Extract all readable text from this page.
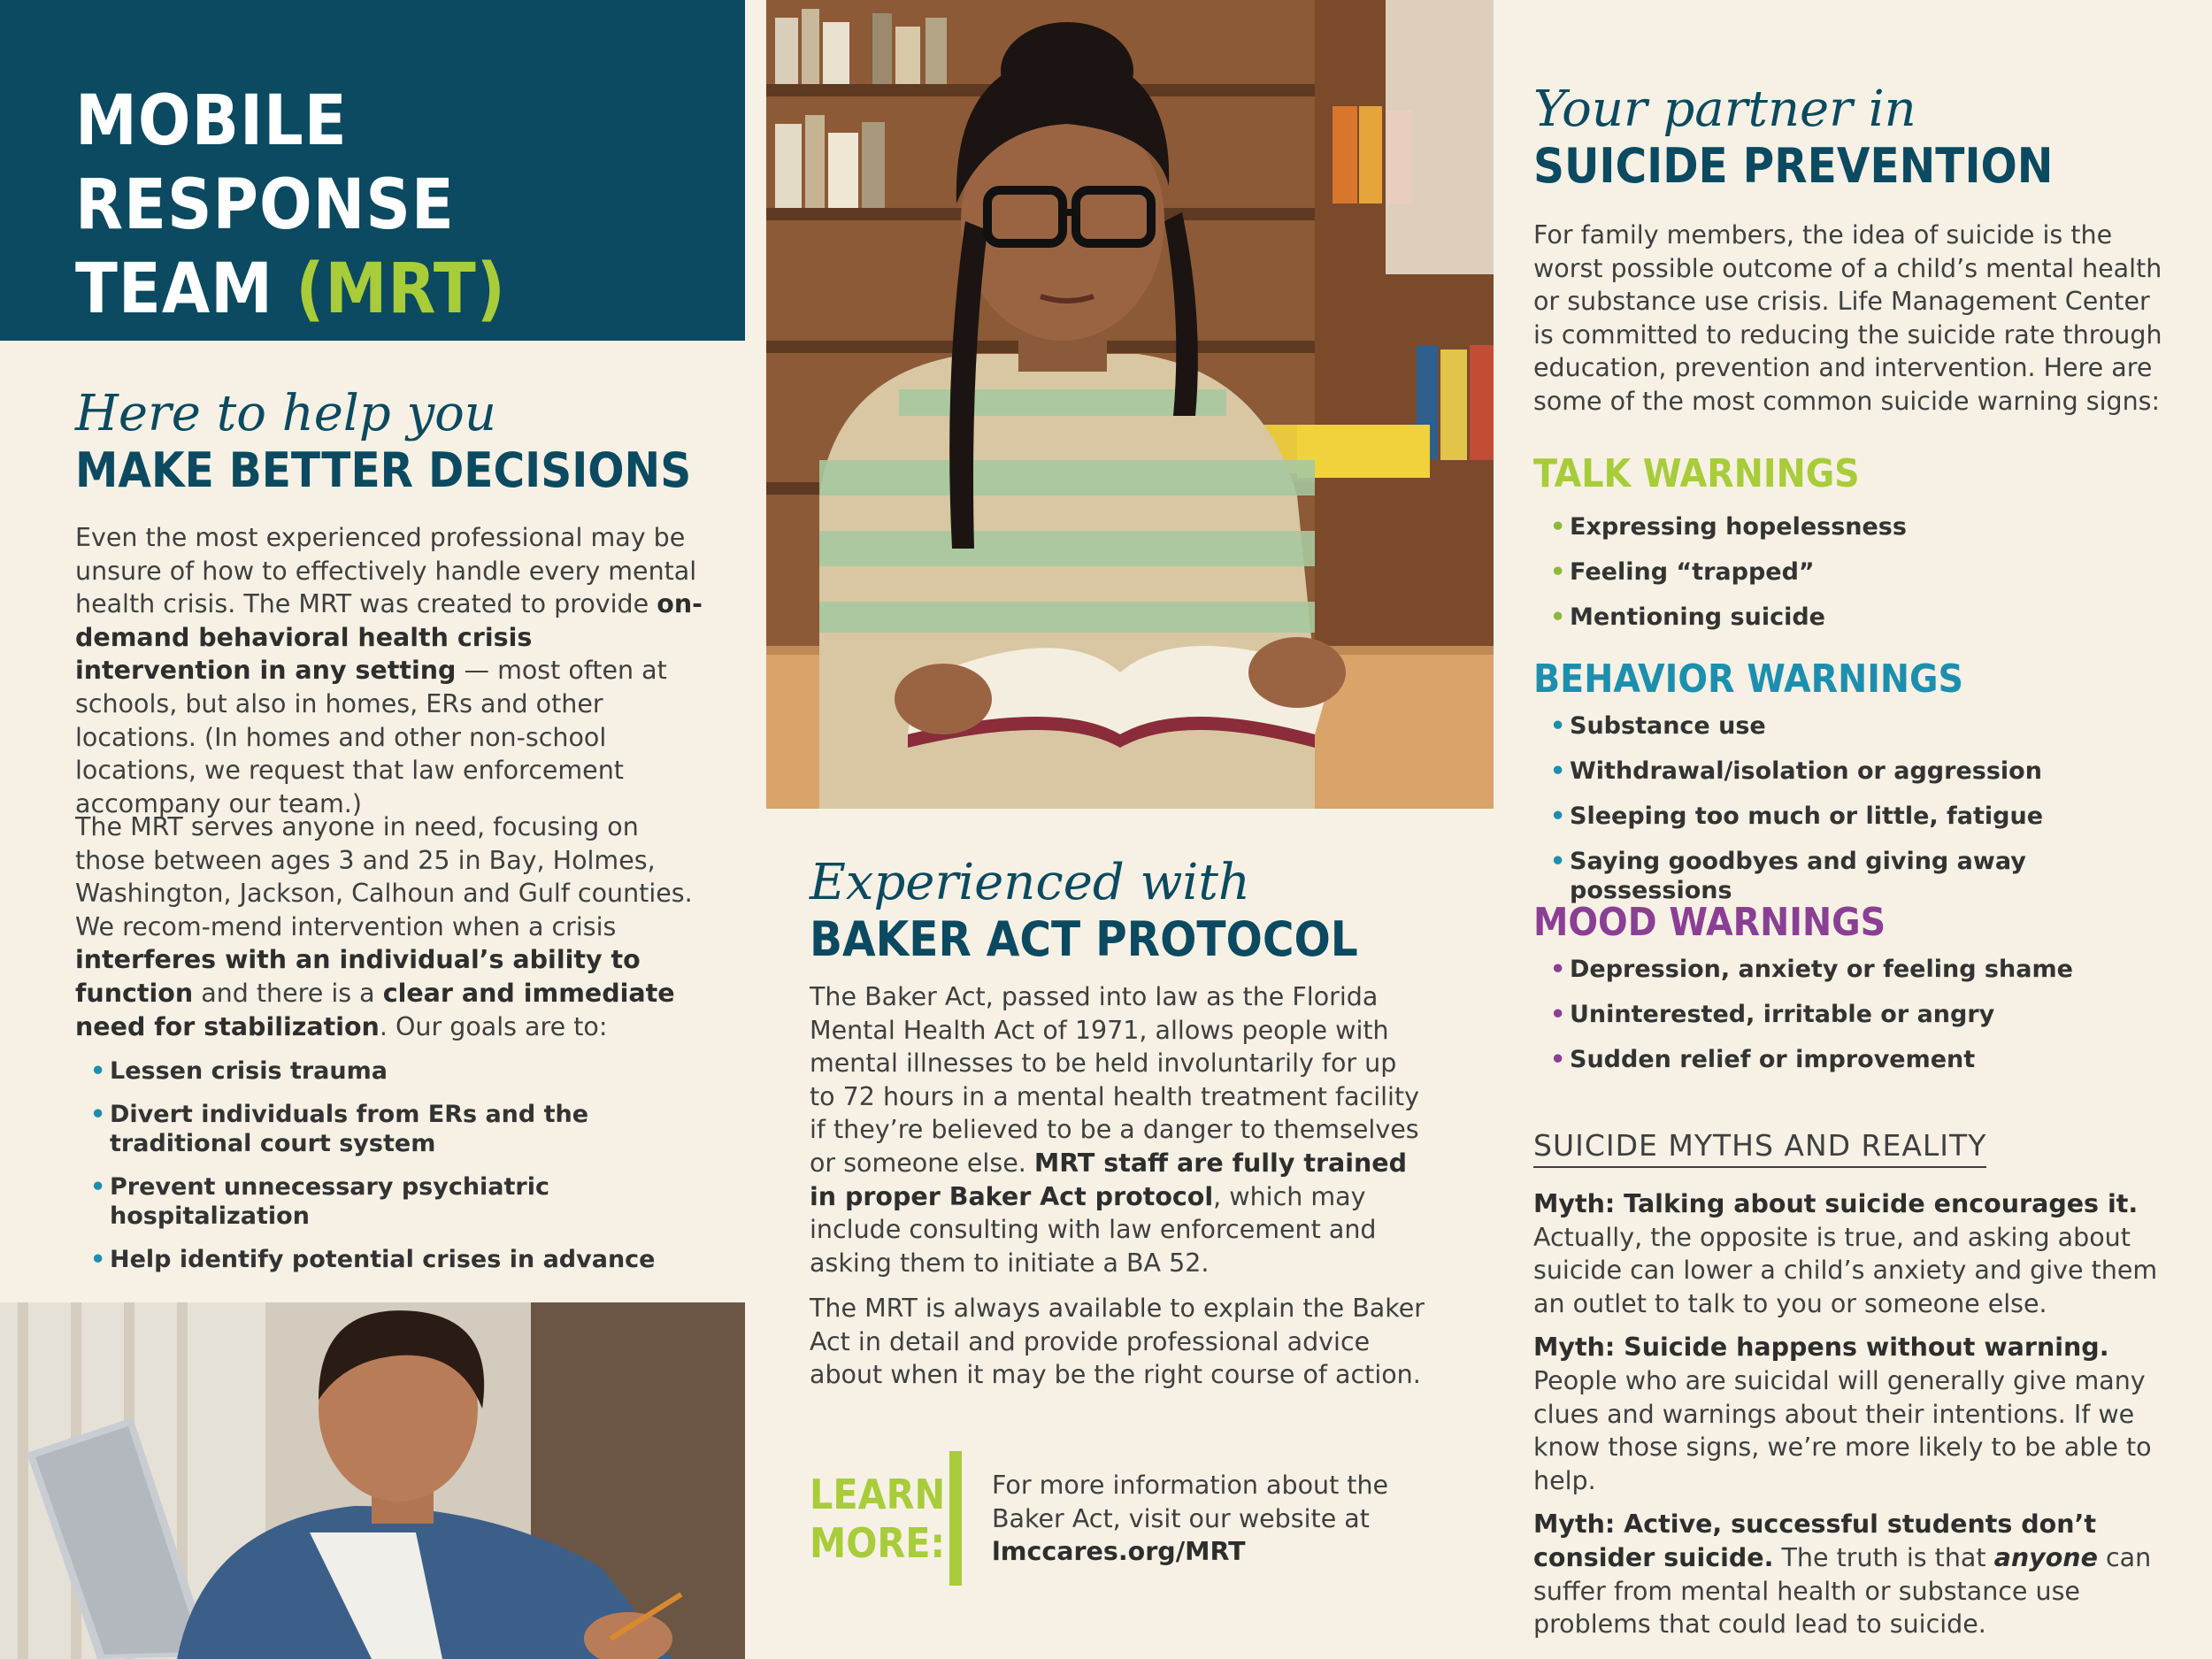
MOBILE RESPONSE
TEAM (MRT)
Here to help you
MAKE BETTER DECISIONS
Even the most experienced professional may be unsure of how to effectively handle every mental health crisis. The MRT was created to provide on-demand behavioral health crisis intervention in any setting — most often at schools, but also in homes, ERs and other locations. (In homes and other non-school locations, we request that law enforcement accompany our team.)
The MRT serves anyone in need, focusing on those between ages 3 and 25 in Bay, Holmes, Washington, Jackson, Calhoun and Gulf counties. We recom-mend intervention when a crisis interferes with an individual’s ability to function and there is a clear and immediate need for stabilization. Our goals are to:
• Lessen crisis trauma
• Divert individuals from ERs and the traditional court system
• Prevent unnecessary psychiatric hospitalization
• Help identify potential crises in advance
Experienced with
BAKER ACT PROTOCOL
The Baker Act, passed into law as the Florida Mental Health Act of 1971, allows people with mental illnesses to be held involuntarily for up to 72 hours in a mental health treatment facility if they’re believed to be a danger to themselves or someone else. MRT staff are fully trained in proper Baker Act protocol, which may include consulting with law enforcement and asking them to initiate a BA 52.
The MRT is always available to explain the Baker Act in detail and provide professional advice about when it may be the right course of action.
LEARN
MORE:
For more information about the Baker Act, visit our website at
lmccares.org/MRT
Your partner in
SUICIDE PREVENTION
For family members, the idea of suicide is the worst possible outcome of a child’s mental health or substance use crisis. Life Management Center is committed to reducing the suicide rate through education, prevention and intervention. Here are some of the most common suicide warning signs:
TALK WARNINGS
• Expressing hopelessness
• Feeling “trapped”
• Mentioning suicide
BEHAVIOR WARNINGS
• Substance use
• Withdrawal/isolation or aggression
• Sleeping too much or little, fatigue
• Saying goodbyes and giving away possessions
MOOD WARNINGS
• Depression, anxiety or feeling shame
• Uninterested, irritable or angry
• Sudden relief or improvement
SUICIDE MYTHS AND REALITY

Myth: Talking about suicide encourages it. Actually, the opposite is true, and asking about suicide can lower a child’s anxiety and give them an outlet to talk to you or someone else.

Myth: Suicide happens without warning. People who are suicidal will generally give many clues and warnings about their intentions. If we know those signs, we’re more likely to be able to help.

Myth: Active, successful students don’t consider suicide. The truth is that anyone can suffer from mental health or substance use problems that could lead to suicide.
